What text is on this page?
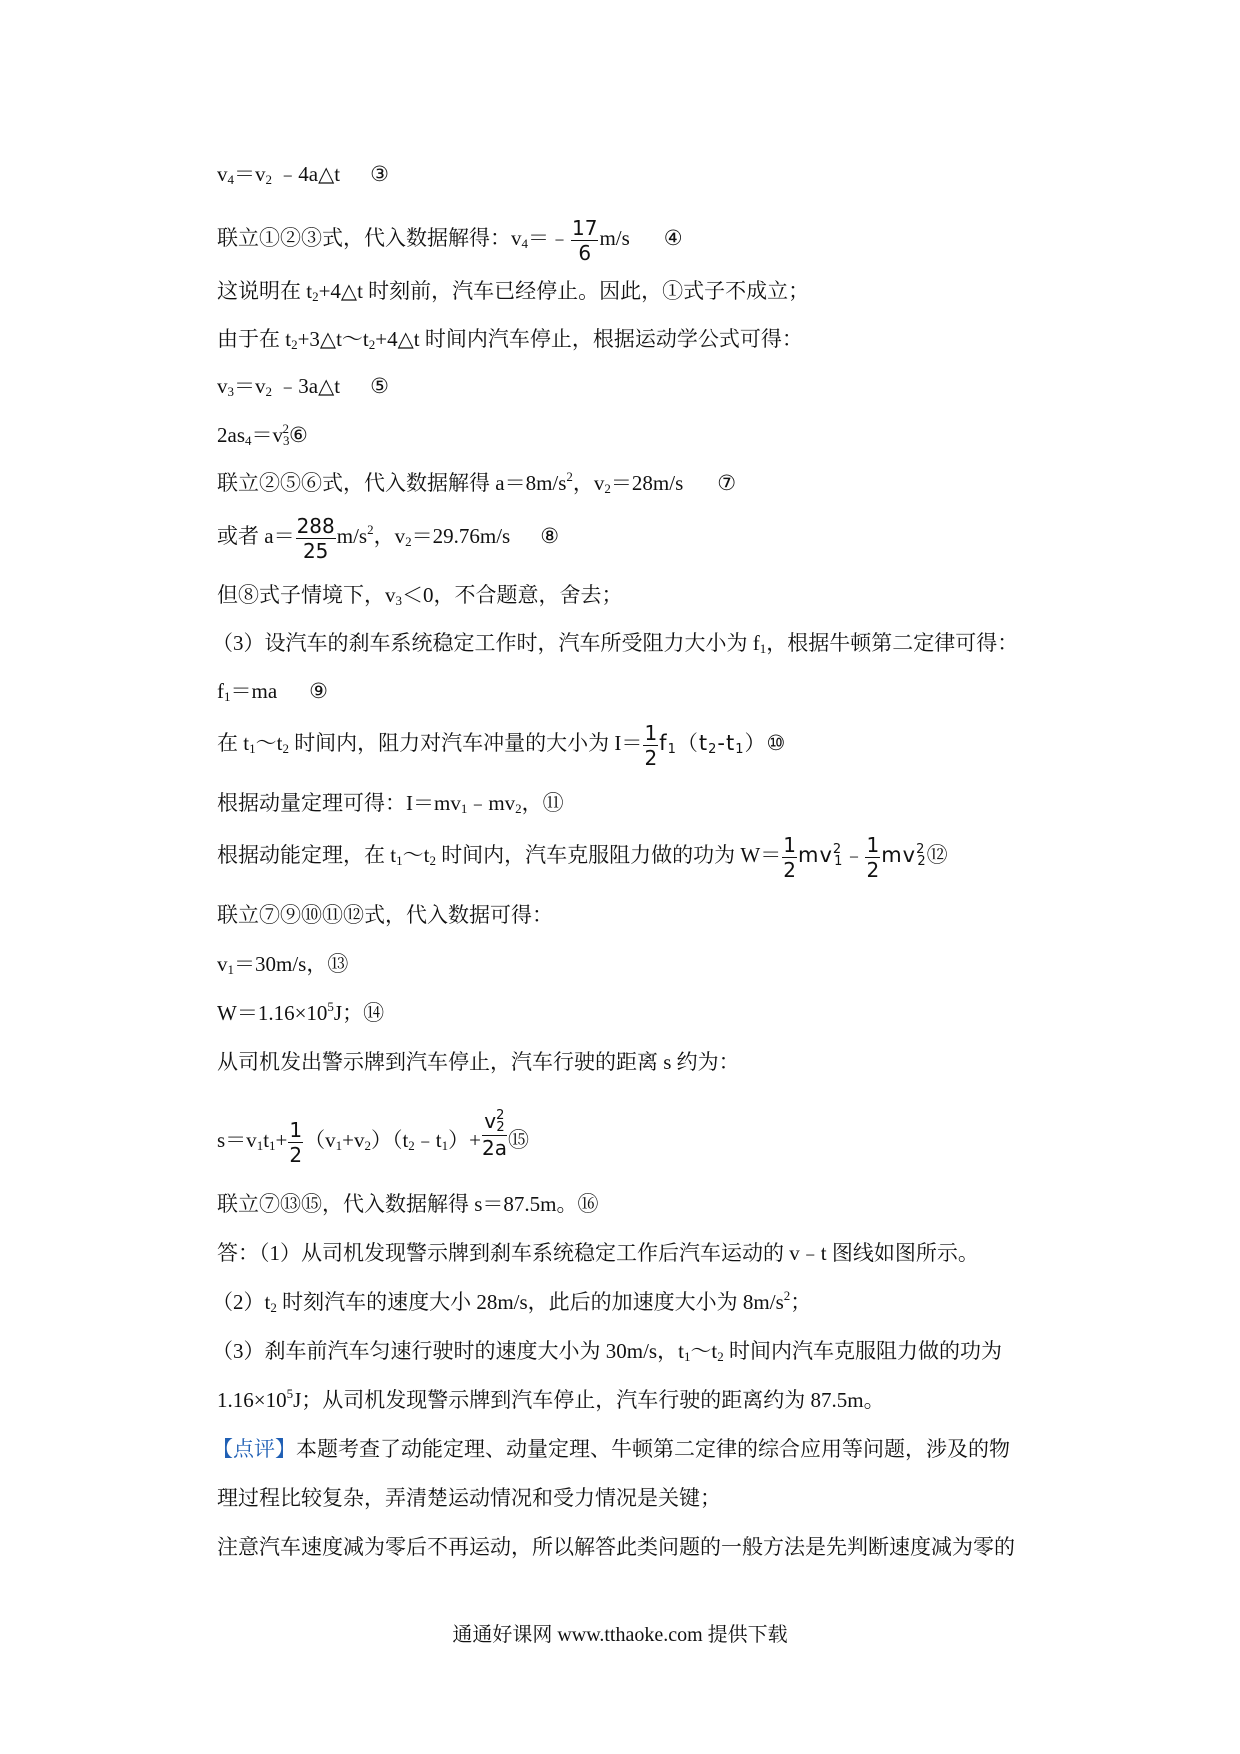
$v_4=v_2$ ﹣4a△t ③
联立①②③式，代入数据解得：$v_4=﹣ \frac{17}{6} m/s$ ④
这说明在 $t_2+4\triangle t$ 时刻前，汽车已经停止。因此，①式子不成立；
由于在 $t_2+3\triangle t\sim t_2+4\triangle t$ 时间内汽车停止，根据运动学公式可得：
$v_3=v_2$ ﹣3a△t ⑤
$2as_4=v_3^2⑥$
联立②⑤⑥式，代入数据解得 $a=8m/s^2$，$v_2=28m/s$ ⑦
或者 $a= \frac{288}{25} m/s^2$，$v_2=29.76m/s$ ⑧
但⑧式子情境下，$v_3<0$，不合题意，舍去；
（3）设汽车的刹车系统稳定工作时，汽车所受阻力大小为 $f_1$，根据牛顿第二定律可得：
$f_1=ma$ ⑨
在 $t_1\sim t_2$ 时间内，阻力对汽车冲量的大小为 $I= \frac{1}{2}$ $f_1(t_2-t_1)⑩$
根据动量定理可得：$I=mv_1﹣mv_2$，⑪
根据动能定理，在 $t_1\sim t_2$ 时间内，汽车克服阻力做的功为 $W= \frac{1}{2}$ $mv^2_1﹣ \frac{1}{2}$ $mv^2_2⑫$
联立⑦⑨⑩⑪⑫式，代入数据可得：
$v_1=30m/s$，⑬
$W=1.16\times 10^5J$；⑭
从司机发出警示牌到汽车停止，汽车行驶的距离 s 约为：
$s=v_1t_1+ \frac{1}{2}$ $(v_1+v_2)(t_2﹣t_1)+ \frac{v^2_2}{2a}$ ⑮
联立⑦⑬⑮，代入数据解得 s＝87.5m。⑯
答：（1）从司机发现警示牌到刹车系统稳定工作后汽车运动的 v﹣t 图线如图所示。
$(2)t_2$ 时刻汽车的速度大小 28m/s，此后的加速度大小为 $8m/s^2$；
（3）刹车前汽车匀速行驶时的速度大小为 30m/s，$t_1\sim t_2$ 时间内汽车克服阻力做的功为
$1.16\times 10^5J$；从司机发现警示牌到汽车停止，汽车行驶的距离约为 87.5m。
【点评】本题考查了动能定理、动量定理、牛顿第二定律的综合应用等问题，涉及的物
理过程比较复杂，弄清楚运动情况和受力情况是关键；
注意汽车速度减为零后不再运动，所以解答此类问题的一般方法是先判断速度减为零的
通通好课网 www.tthaoke.com 提供下载
